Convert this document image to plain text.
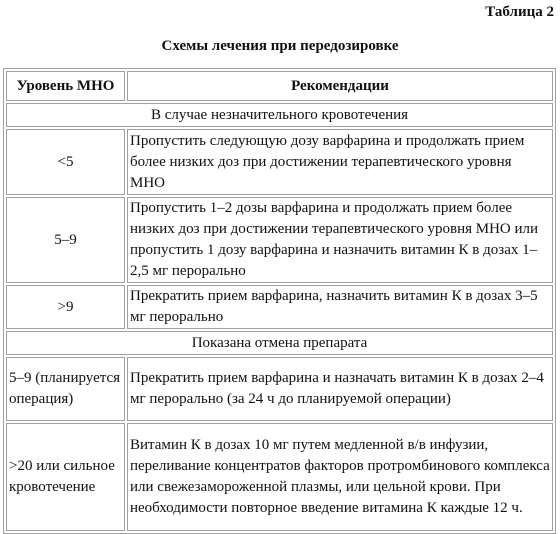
Таблица 2
Схемы лечения при передозировке
Уровень МНО	Рекомендации
В случае незначительного кровотечения	
<5	Пропустить следующую дозу варфарина и продолжать прием более низких доз при достижении терапевтического уровня МНО
5–9	Пропустить 1–2 дозы варфарина и продолжать прием более низких доз при достижении терапевтического уровня МНО или пропустить 1 дозу варфарина и назначить витамин К в дозах 1–2,5 мг перорально
>9	Прекратить прием варфарина, назначить витамин К в дозах 3–5 мг перорально
Показана отмена препарата	
5–9 (планируется операция)	Прекратить прием варфарина и назначать витамин К в дозах 2–4 мг перорально (за 24 ч до планируемой операции)
>20 или сильное кровотечение	Витамин К в дозах 10 мг путем медленной в/в инфузии, переливание концентратов факторов протромбинового комплекса или свежезамороженной плазмы, или цельной крови. При необходимости повторное введение витамина К каждые 12 ч.
